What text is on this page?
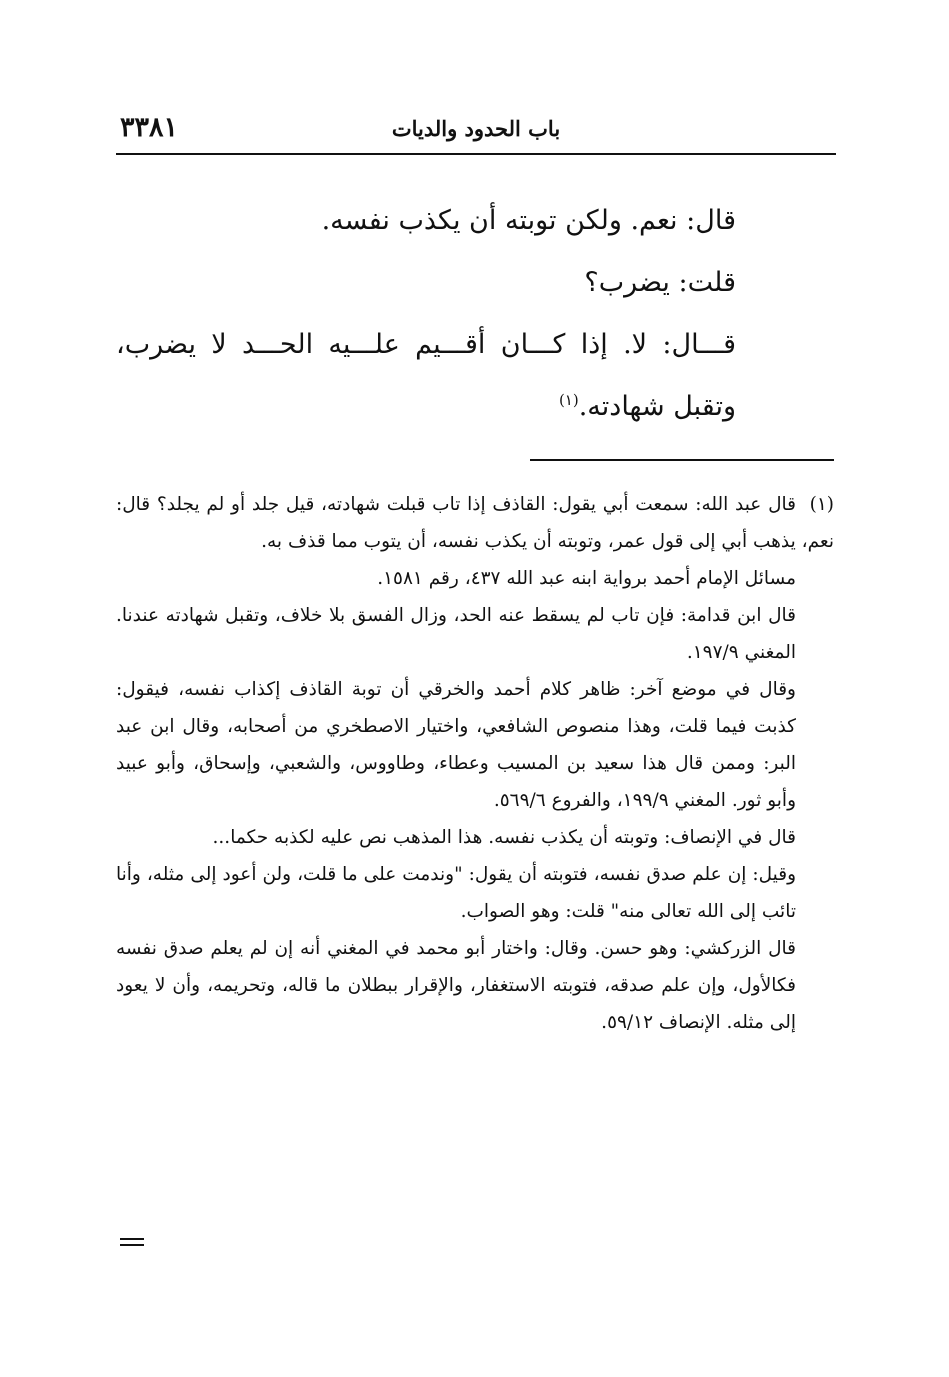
باب الحدود والديات
٣٣٨١

قال: نعم. ولكن توبته أن يكذب نفسه.

قلت: يضرب؟

قـــال: لا. إذا كـــان أقـــيم علـــيه الحـــد لا يضرب، وتقبل شهادته.$^{(١)}$

(١)قال عبد الله: سمعت أبي يقول: القاذف إذا تاب قبلت شهادته، قيل جلد أو لم يجلد؟ قال: نعم، يذهب أبي إلى قول عمر، وتوبته أن يكذب نفسه، أن يتوب مما قذف به.

مسائل الإمام أحمد برواية ابنه عبد الله ٤٣٧، رقم ١٥٨١.

قال ابن قدامة: فإن تاب لم يسقط عنه الحد، وزال الفسق بلا خلاف، وتقبل شهادته عندنا. المغني ١٩٧/٩.

وقال في موضع آخر: ظاهر كلام أحمد والخرقي أن توبة القاذف إكذاب نفسه، فيقول: كذبت فيما قلت، وهذا منصوص الشافعي، واختيار الاصطخري من أصحابه، وقال ابن عبد البر: وممن قال هذا سعيد بن المسيب وعطاء، وطاووس، والشعبي، وإسحاق، وأبو عبيد وأبو ثور. المغني ١٩٩/٩، والفروع ٥٦٩/٦.

قال في الإنصاف: وتوبته أن يكذب نفسه. هذا المذهب نص عليه لكذبه حكما...

وقيل: إن علم صدق نفسه، فتوبته أن يقول: "وندمت على ما قلت، ولن أعود إلى مثله، وأنا تائب إلى الله تعالى منه" قلت: وهو الصواب.

قال الزركشي: وهو حسن. وقال: واختار أبو محمد في المغني أنه إن لم يعلم صدق نفسه فكالأول، وإن علم صدقه، فتوبته الاستغفار، والإقرار ببطلان ما قاله، وتحريمه، وأن لا يعود إلى مثله. الإنصاف ٥٩/١٢.
